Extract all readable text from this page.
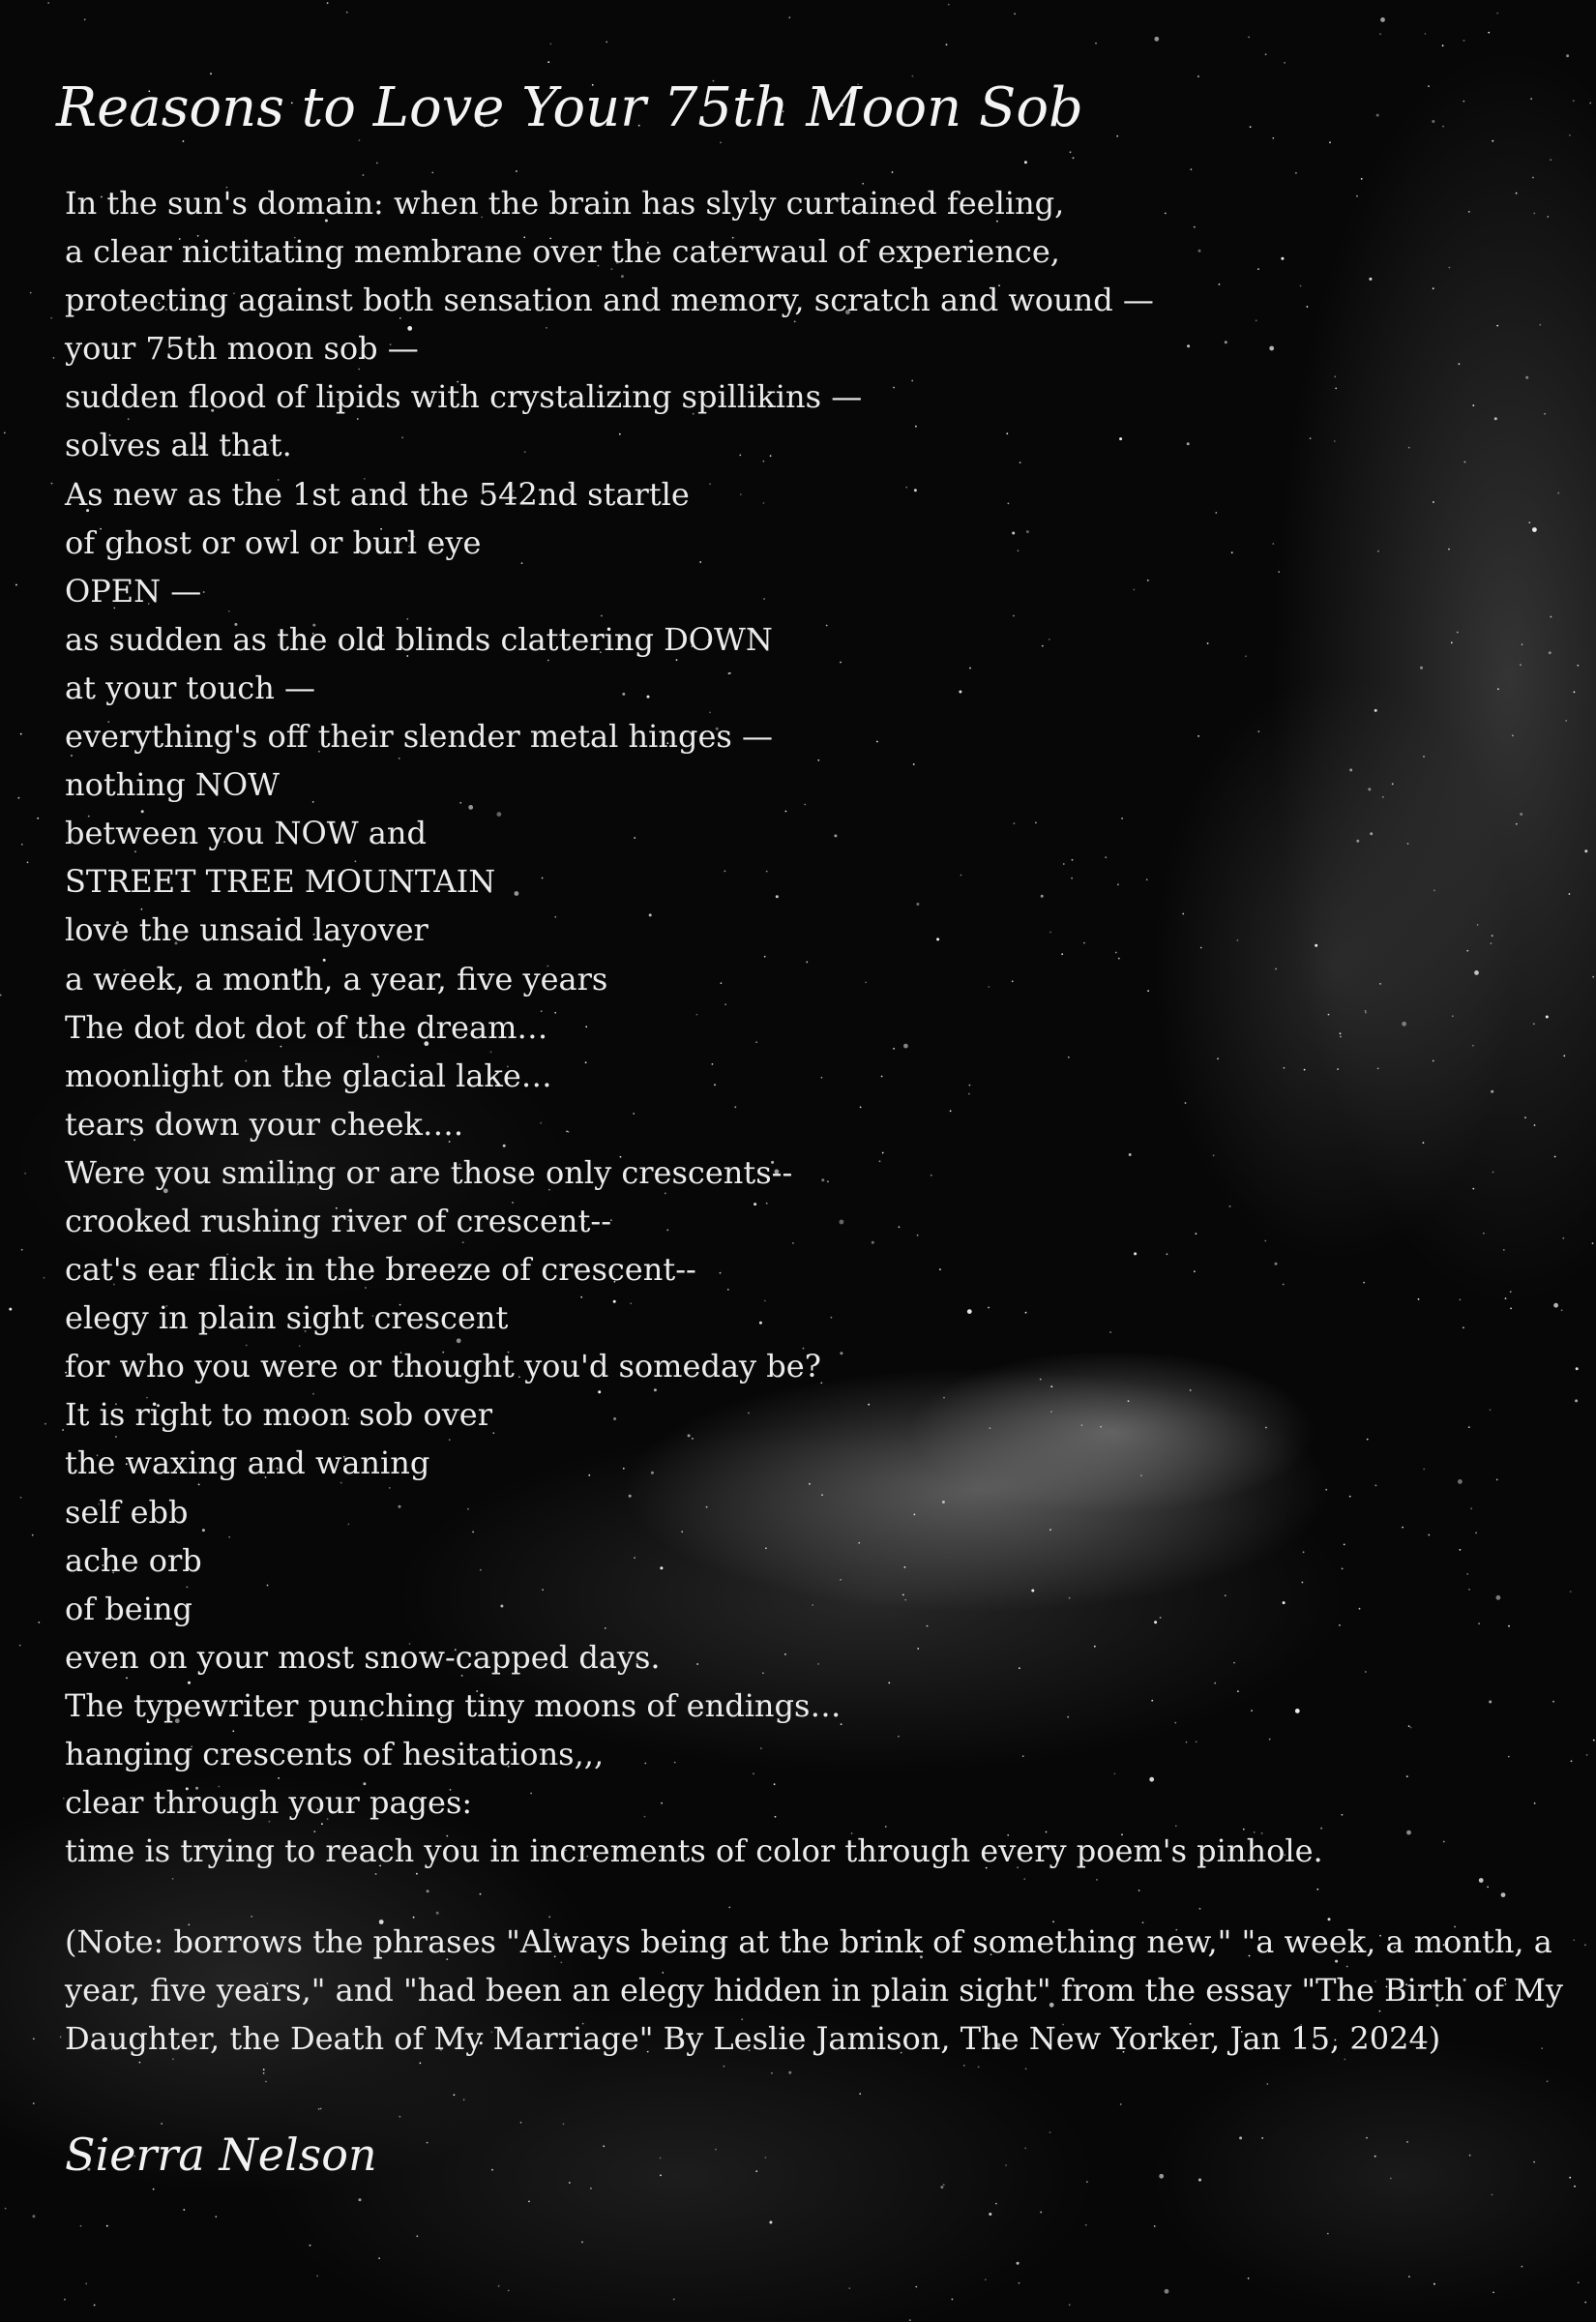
Reasons to Love Your 75th Moon Sob
In the sun's domain: when the brain has slyly curtained feeling,
a clear nictitating membrane over the caterwaul of experience,
protecting against both sensation and memory, scratch and wound —
your 75th moon sob —
sudden flood of lipids with crystalizing spillikins —
solves all that.
As new as the 1st and the 542nd startle
of ghost or owl or burl eye
OPEN —
as sudden as the old blinds clattering DOWN
at your touch —
everything's off their slender metal hinges —
nothing NOW
between you NOW and
STREET TREE MOUNTAIN
love the unsaid layover
a week, a month, a year, five years
The dot dot dot of the dream…
moonlight on the glacial lake…
tears down your cheek….
Were you smiling or are those only crescents--
crooked rushing river of crescent--
cat's ear flick in the breeze of crescent--
elegy in plain sight crescent
for who you were or thought you'd someday be?
It is right to moon sob over
the waxing and waning
self ebb
ache orb
of being
even on your most snow-capped days.
The typewriter punching tiny moons of endings…
hanging crescents of hesitations,,,
clear through your pages:
time is trying to reach you in increments of color through every poem's pinhole.

(Note: borrows the phrases "Always being at the brink of something new," "a week, a month, a year, five years," and "had been an elegy hidden in plain sight" from the essay "The Birth of My Daughter, the Death of My Marriage" By Leslie Jamison, The New Yorker, Jan 15, 2024)

Sierra Nelson
